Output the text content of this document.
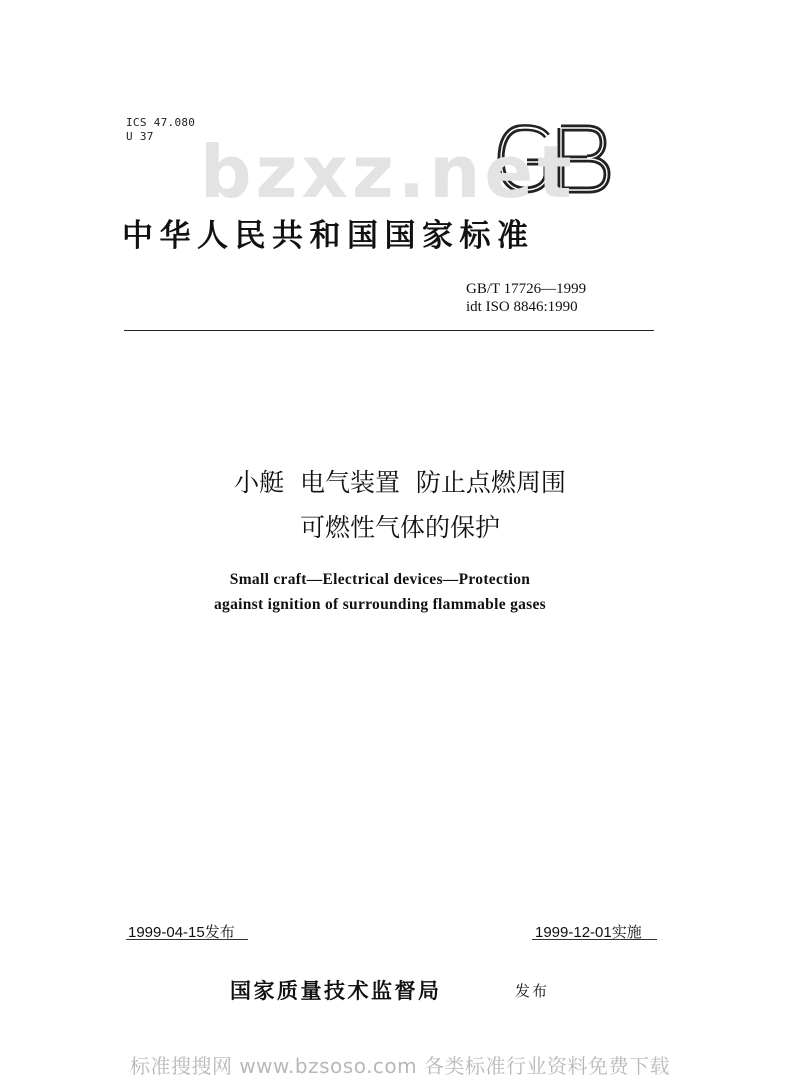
ICS 47.080
U 37 bzxz.net
中华人民共和国国家标准
GB/T 17726—1999
idt ISO 8846:1990
小艇  电气装置  防止点燃周围
可燃性气体的保护
Small craft—Electrical devices—Protection
against ignition of surrounding flammable gases
1999-04-15发布	1999-12-01实施
国家质量技术监督局	发布
标准搜搜网 www.bzsoso.com 各类标准行业资料免费下载
